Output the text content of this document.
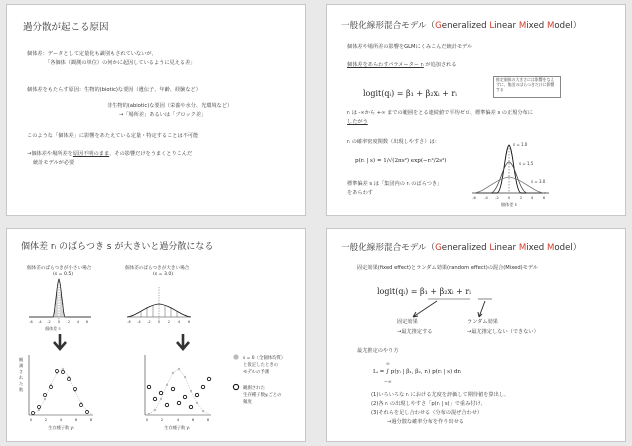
過分散が起こる原因
個体差：データとして定量化も識別もされていないが、
「各個体（観測の単位）の何かに起因しているように見える差」
個体差をもたらす原因：生物的(biotic)な要因（遺伝子、年齢、経験など）
非生物的(abiotic)な要因（栄養や水分、光環境など）
→「場所差」あるいは「ブロック差」
このような「個体差」に影響をあたえている定量・特定することは不可能
→個体差や場所差を原因不明のまま、その影響だけをうまくとりこんだ
統計モデルが必要
一般化線形混合モデル（Generalized Linear Mixed Model）
個体差や場所差の影響をGLMにくみこんだ統計モデル
個体差をあらわすパラメーター rᵢ が追加される
推定個体の大きさには影響をなえずに、集団のばらつきだけに影響する
logit(qᵢ) = β₁ + β₂xᵢ + rᵢ
rᵢ は -∞から +∞ までの範囲をとる連続値で平均ゼロ、標準偏差 s の正規分布に
したがう
rᵢ の確率密度関数（出現しやすさ）は：
p(rᵢ | s) = 1/√(2πs²) exp(−rᵢ²/2s²)
標準偏差 s は「集団内の rᵢ のばらつき」
をあらわす
s = 1.0
s = 1.5
s = 3.0
-6 -4 -2	0	2 4	6
個体差 rᵢ
個体差 rᵢ のばらつき s が大きいと過分散になる
個体差のばらつきが小さい場合
(s = 0.5)
個体差のばらつきが大きい場合
(s = 3.0)
-6 -4 -2 0 2 4 6
個体差 rᵢ
-6 -4 -2 0 2 4 6
観
測
さ
れ
た
数
0	2	4	6	8
生存種子数 yᵢ
0	2	4	6	8
生存種子数 yᵢ
s = 0（全個体均質）
と仮定したときの
モデルの予測
観測された
生存種子数yᵢごとの
頻度
一般化線形混合モデル（Generalized Linear Mixed Model）
固定効果(fixed effect)とランダム効果(random effect)の混合(Mixed)モデル
logit(qᵢ) = β₁ + β₂xᵢ + rᵢ
固定効果
→最尤推定する
ランダム効果
→最尤推定しない（できない）
最尤推定のやり方
∞
Lᵢ = ∫ p(yᵢ | β₁, β₂, rᵢ) p(rᵢ | s) drᵢ
−∞
(1)いろいろな rᵢ における尤度を評価して期待値を算出し、
(2)各 rᵢ の出現しやすさ「p(rᵢ | s)」で重み付け、
(3)それらを足し合わせる（分布の混ぜ合わせ）
→過分散な確率分布を作り出せる
